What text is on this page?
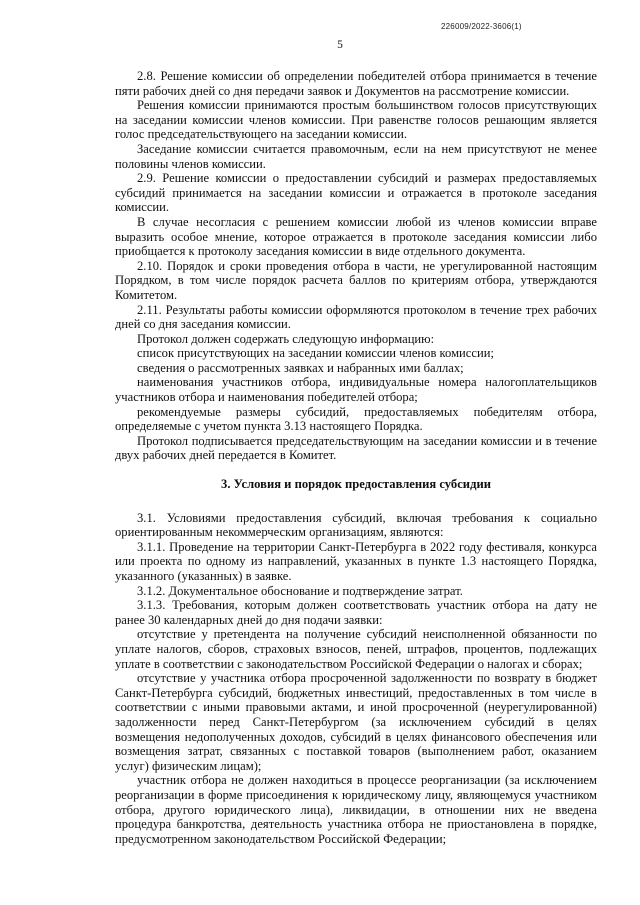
226009/2022-3606(1)
5

2.8. Решение комиссии об определении победителей отбора принимается в течение пяти рабочих дней со дня передачи заявок и Документов на рассмотрение комиссии.

Решения комиссии принимаются простым большинством голосов присутствующих на заседании комиссии членов комиссии. При равенстве голосов решающим является голос председательствующего на заседании комиссии.

Заседание комиссии считается правомочным, если на нем присутствуют не менее половины членов комиссии.

2.9. Решение комиссии о предоставлении субсидий и размерах предоставляемых субсидий принимается на заседании комиссии и отражается в протоколе заседания комиссии.

В случае несогласия с решением комиссии любой из членов комиссии вправе выразить особое мнение, которое отражается в протоколе заседания комиссии либо приобщается к протоколу заседания комиссии в виде отдельного документа.

2.10. Порядок и сроки проведения отбора в части, не урегулированной настоящим Порядком, в том числе порядок расчета баллов по критериям отбора, утверждаются Комитетом.

2.11. Результаты работы комиссии оформляются протоколом в течение трех рабочих дней со дня заседания комиссии.

Протокол должен содержать следующую информацию:

список присутствующих на заседании комиссии членов комиссии;

сведения о рассмотренных заявках и набранных ими баллах;

наименования участников отбора, индивидуальные номера налогоплательщиков участников отбора и наименования победителей отбора;

рекомендуемые размеры субсидий, предоставляемых победителям отбора, определяемые с учетом пункта 3.13 настоящего Порядка.

Протокол подписывается председательствующим на заседании комиссии и в течение двух рабочих дней передается в Комитет.

3. Условия и порядок предоставления субсидии

3.1. Условиями предоставления субсидий, включая требования к социально ориентированным некоммерческим организациям, являются:

3.1.1. Проведение на территории Санкт-Петербурга в 2022 году фестиваля, конкурса или проекта по одному из направлений, указанных в пункте 1.3 настоящего Порядка, указанного (указанных) в заявке.

3.1.2. Документальное обоснование и подтверждение затрат.

3.1.3. Требования, которым должен соответствовать участник отбора на дату не ранее 30 календарных дней до дня подачи заявки:

отсутствие у претендента на получение субсидий неисполненной обязанности по уплате налогов, сборов, страховых взносов, пеней, штрафов, процентов, подлежащих уплате в соответствии с законодательством Российской Федерации о налогах и сборах;

отсутствие у участника отбора просроченной задолженности по возврату в бюджет Санкт-Петербурга субсидий, бюджетных инвестиций, предоставленных в том числе в соответствии с иными правовыми актами, и иной просроченной (неурегулированной) задолженности перед Санкт-Петербургом (за исключением субсидий в целях возмещения недополученных доходов, субсидий в целях финансового обеспечения или возмещения затрат, связанных с поставкой товаров (выполнением работ, оказанием услуг) физическим лицам);

участник отбора не должен находиться в процессе реорганизации (за исключением реорганизации в форме присоединения к юридическому лицу, являющемуся участником отбора, другого юридического лица), ликвидации, в отношении них не введена процедура банкротства, деятельность участника отбора не приостановлена в порядке, предусмотренном законодательством Российской Федерации;
